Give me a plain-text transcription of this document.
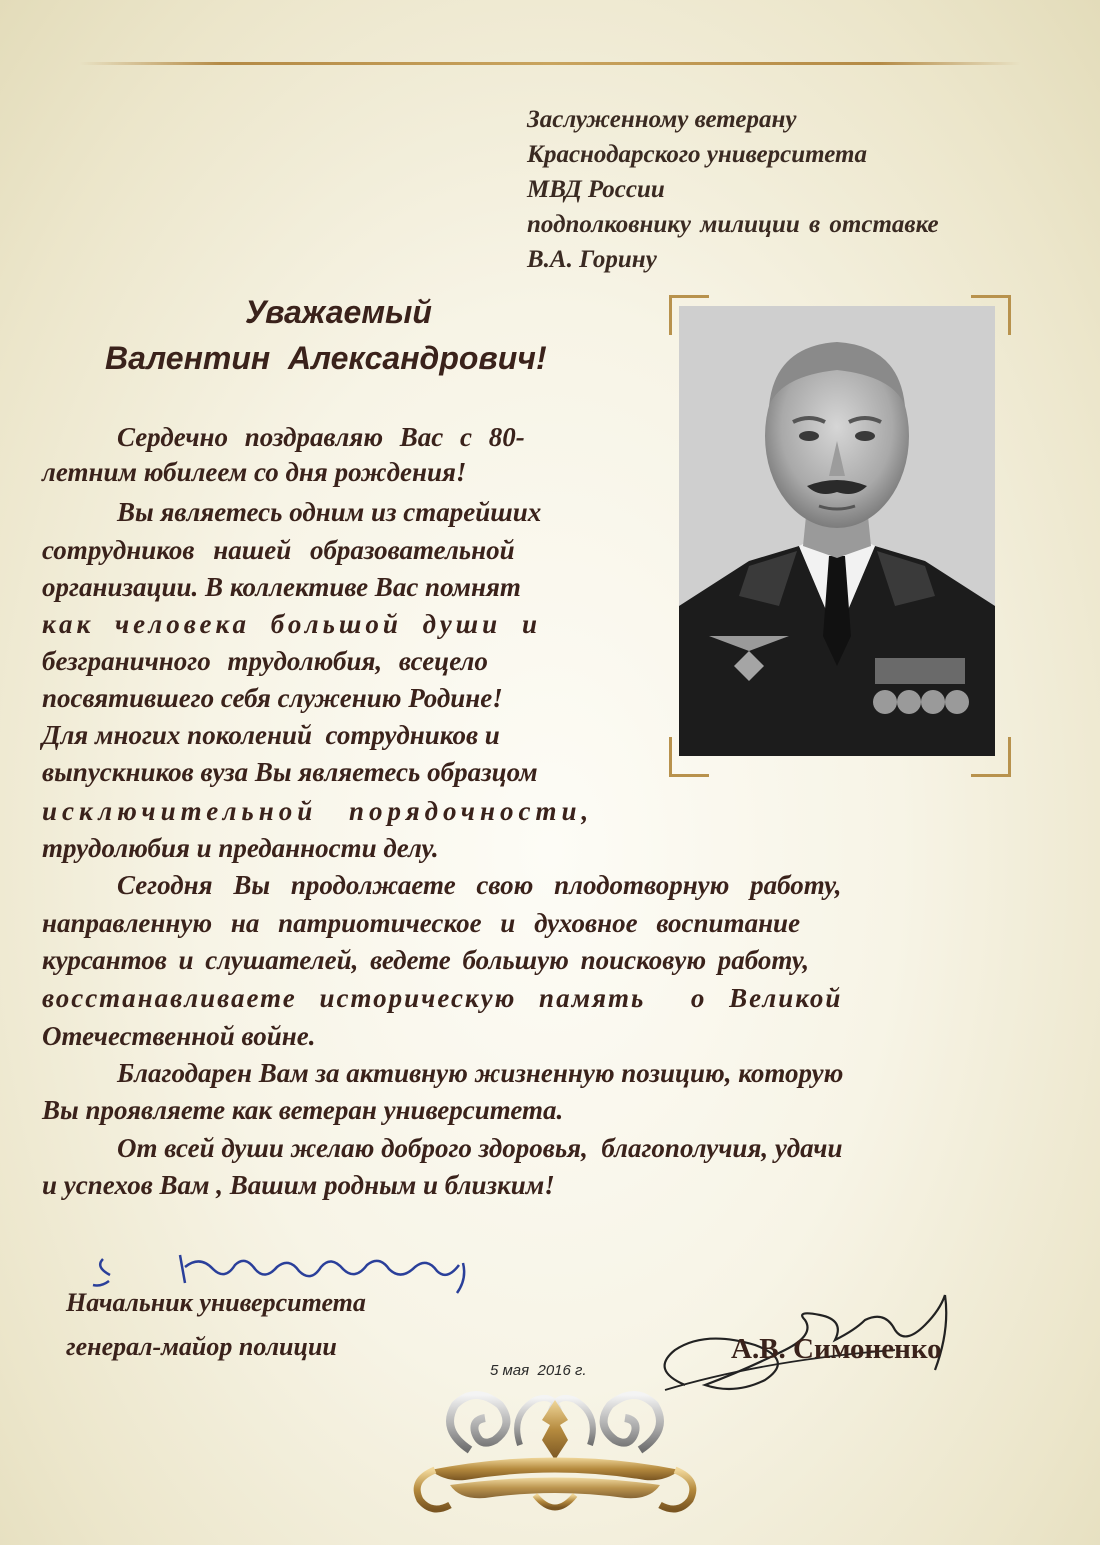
Заслуженному ветерану
Краснодарского университета
МВД России
подполковнику милиции в отставке
В.А. Горину
Уважаемый
Валентин  Александрович!
Сердечно поздравляю Вас с 80-
летним юбилеем со дня рождения!
Вы являетесь одним из старейших
сотрудников нашей образовательной
организации. В коллективе Вас помнят
как человека большой души и
безграничного трудолюбия, всецело
посвятившего себя служению Родине!
Для многих поколений  сотрудников и
выпускников вуза Вы являетесь образцом
исключительной порядочности,
трудолюбия и преданности делу.
Сегодня Вы продолжаете свою плодотворную работу,
направленную на патриотическое и духовное воспитание
курсантов и слушателей, ведете большую поисковую работу,
восстанавливаете историческую память  о Великой
Отечественной войне.
Благодарен Вам за активную жизненную позицию, которую
Вы проявляете как ветеран университета.
От всей души желаю доброго здоровья,  благополучия, удачи
и успехов Вам , Вашим родным и близким!
Начальник университета
генерал-майор полиции
5 мая  2016 г.
А.В. Симоненко
